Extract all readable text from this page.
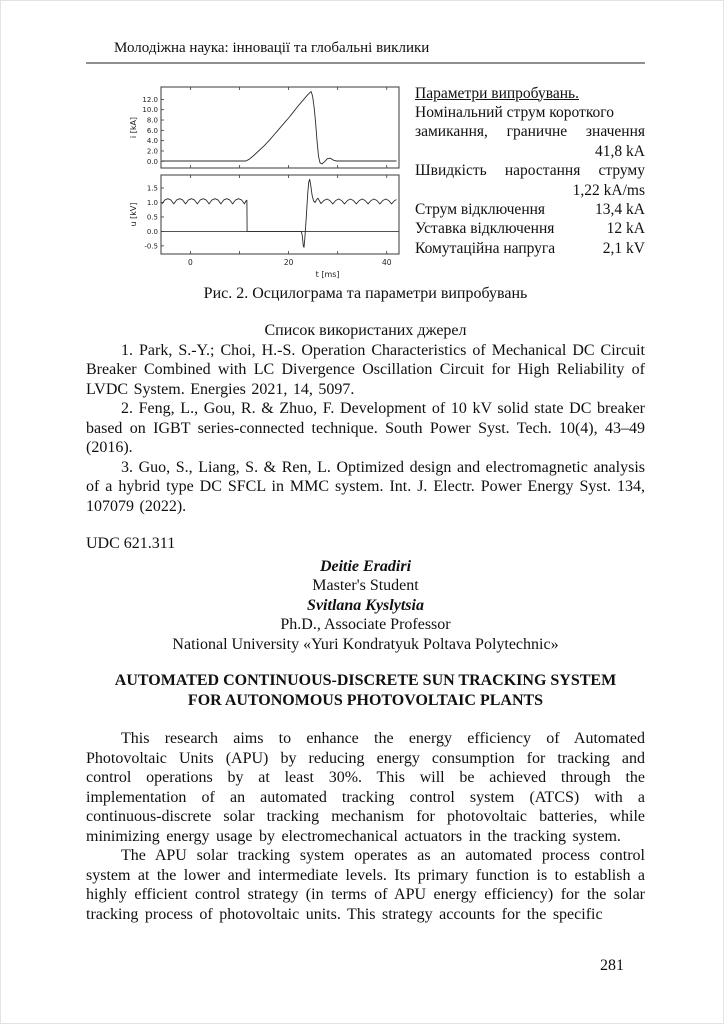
Молодіжна наука: інновації та глобальні виклики
0.0
2.0
4.0
6.0
8.0
10.0
12.0
i [kA]
0	20	40
-0.5
0.0
0.5
1.0
1.5
u [kV]
t [ms]
Параметри випробувань.
Номінальний струм короткого
замикання, граничне значення
41,8 kA
Швидкість наростання струму
1,22 kA/ms
Струм відключення	13,4 kA
Уставка відключення	12 kA
Комутаційна напруга	2,1 kV
Рис. 2. Осцилограма та параметри випробувань
Список використаних джерел

1. Park, S.-Y.; Choi, H.-S. Operation Characteristics of Mechanical DC Circuit Breaker Combined with LC Divergence Oscillation Circuit for High Reliability of LVDC System. Energies 2021, 14, 5097.

2. Feng, L., Gou, R. & Zhuo, F. Development of 10 kV solid state DC breaker based on IGBT series-connected technique. South Power Syst. Tech. 10(4), 43–49 (2016).

3. Guo, S., Liang, S. & Ren, L. Optimized design and electromagnetic analysis of a hybrid type DC SFCL in MMC system. Int. J. Electr. Power Energy Syst. 134, 107079 (2022).

UDC 621.311
Deitie Eradiri
Master's Student
Svitlana Kyslytsia
Ph.D., Associate Professor
National University «Yuri Kondratyuk Poltava Polytechnic»
AUTOMATED CONTINUOUS-DISCRETE SUN TRACKING SYSTEM
FOR AUTONOMOUS PHOTOVOLTAIC PLANTS

This research aims to enhance the energy efficiency of Automated Photovoltaic Units (APU) by reducing energy consumption for tracking and control operations by at least 30%. This will be achieved through the implementation of an automated tracking control system (ATCS) with a continuous-discrete solar tracking mechanism for photovoltaic batteries, while minimizing energy usage by electromechanical actuators in the tracking system.

The APU solar tracking system operates as an automated process control system at the lower and intermediate levels. Its primary function is to establish a highly efficient control strategy (in terms of APU energy efficiency) for the solar tracking process of photovoltaic units. This strategy accounts for the specific

281
